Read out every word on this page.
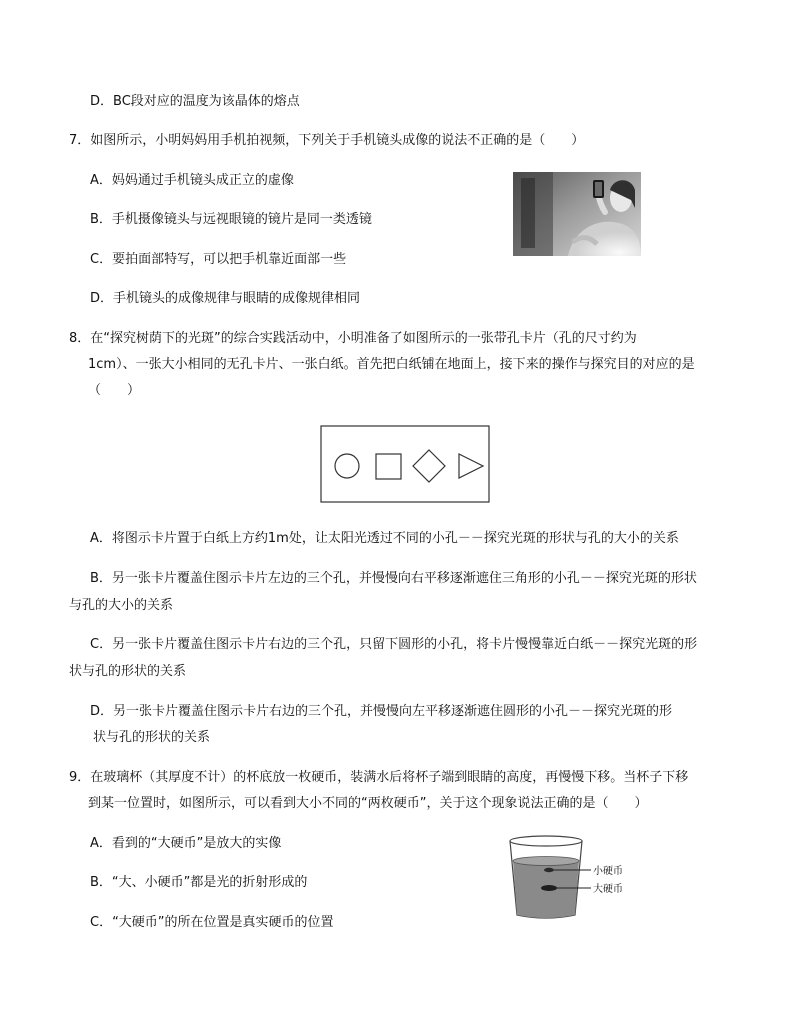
D．BC段对应的温度为该晶体的熔点
7．如图所示，小明妈妈用手机拍视频，下列关于手机镜头成像的说法不正确的是（　　）
A．妈妈通过手机镜头成正立的虚像
B．手机摄像镜头与远视眼镜的镜片是同一类透镜
C．要拍面部特写，可以把手机靠近面部一些
D．手机镜头的成像规律与眼睛的成像规律相同
8．在“探究树荫下的光斑”的综合实践活动中，小明准备了如图所示的一张带孔卡片（孔的尺寸约为
1cm）、一张大小相同的无孔卡片、一张白纸。首先把白纸铺在地面上，接下来的操作与探究目的对应的是
（　　）
A．将图示卡片置于白纸上方约1m处，让太阳光透过不同的小孔－－探究光斑的形状与孔的大小的关系
B．另一张卡片覆盖住图示卡片左边的三个孔，并慢慢向右平移逐渐遮住三角形的小孔－－探究光斑的形状
与孔的大小的关系
C．另一张卡片覆盖住图示卡片右边的三个孔，只留下圆形的小孔，将卡片慢慢靠近白纸－－探究光斑的形
状与孔的形状的关系
D．另一张卡片覆盖住图示卡片右边的三个孔，并慢慢向左平移逐渐遮住圆形的小孔－－探究光斑的形
状与孔的形状的关系
9．在玻璃杯（其厚度不计）的杯底放一枚硬币，装满水后将杯子端到眼睛的高度，再慢慢下移。当杯子下移
到某一位置时，如图所示，可以看到大小不同的“两枚硬币”，关于这个现象说法正确的是（　　）
A．看到的“大硬币”是放大的实像
B．“大、小硬币”都是光的折射形成的
C．“大硬币”的所在位置是真实硬币的位置
小硬币
大硬币
